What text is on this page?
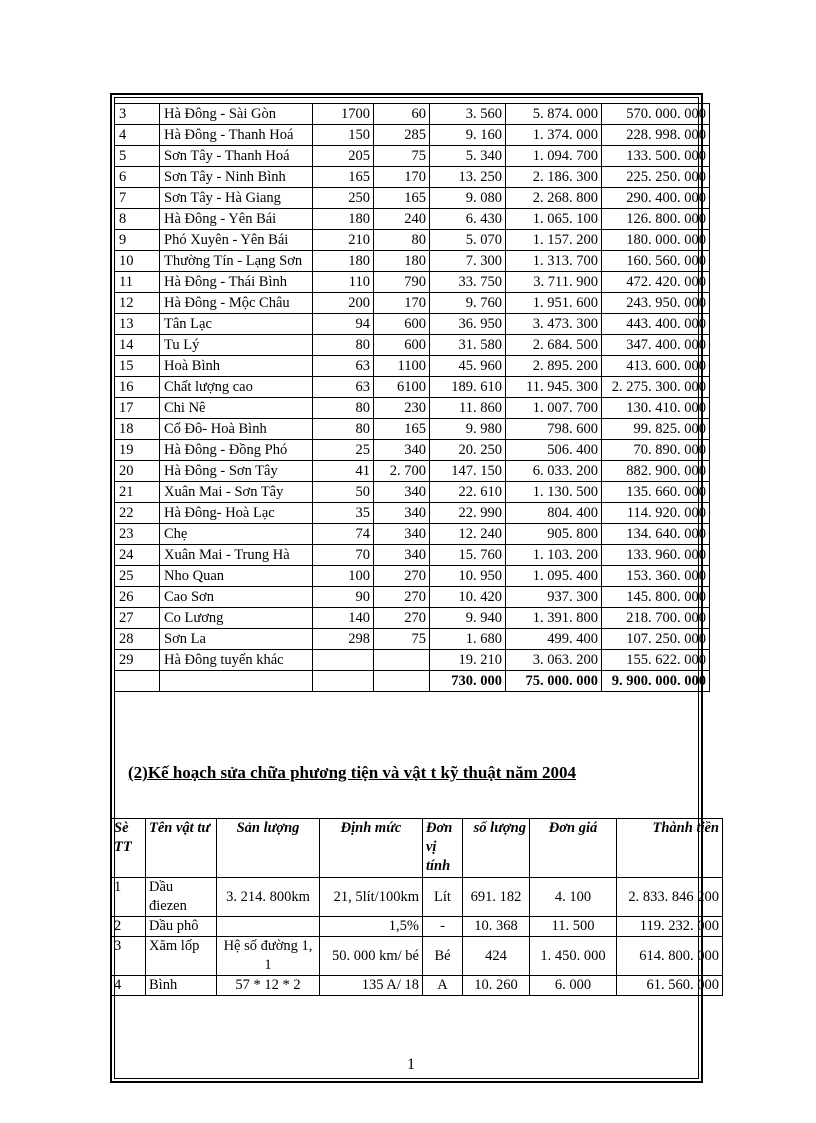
3	Hà Đông - Sài Gòn	1700	60	3. 560	5. 874. 000	570. 000. 000
4	Hà Đông - Thanh Hoá	150	285	9. 160	1. 374. 000	228. 998. 000
5	Sơn Tây - Thanh Hoá	205	75	5. 340	1. 094. 700	133. 500. 000
6	Sơn Tây - Ninh Bình	165	170	13. 250	2. 186. 300	225. 250. 000
7	Sơn Tây - Hà Giang	250	165	9. 080	2. 268. 800	290. 400. 000
8	Hà Đông - Yên Bái	180	240	6. 430	1. 065. 100	126. 800. 000
9	Phó Xuyên - Yên Bái	210	80	5. 070	1. 157. 200	180. 000. 000
10	Thường Tín - Lạng Sơn	180	180	7. 300	1. 313. 700	160. 560. 000
11	Hà Đông - Thái Bình	110	790	33. 750	3. 711. 900	472. 420. 000
12	Hà Đông - Mộc Châu	200	170	9. 760	1. 951. 600	243. 950. 000
13	Tân Lạc	94	600	36. 950	3. 473. 300	443. 400. 000
14	Tu Lý	80	600	31. 580	2. 684. 500	347. 400. 000
15	Hoà Bình	63	1100	45. 960	2. 895. 200	413. 600. 000
16	Chất lượng cao	63	6100	189. 610	11. 945. 300	2. 275. 300. 000
17	Chi Nê	80	230	11. 860	1. 007. 700	130. 410. 000
18	Cổ Đô- Hoà Bình	80	165	9. 980	798. 600	99. 825. 000
19	Hà Đông - Đồng Phó	25	340	20. 250	506. 400	70. 890. 000
20	Hà Đông - Sơn Tây	41	2. 700	147. 150	6. 033. 200	882. 900. 000
21	Xuân Mai - Sơn Tây	50	340	22. 610	1. 130. 500	135. 660. 000
22	Hà Đông- Hoà Lạc	35	340	22. 990	804. 400	114. 920. 000
23	Chẹ	74	340	12. 240	905. 800	134. 640. 000
24	Xuân Mai - Trung Hà	70	340	15. 760	1. 103. 200	133. 960. 000
25	Nho Quan	100	270	10. 950	1. 095. 400	153. 360. 000
26	Cao Sơn	90	270	10. 420	937. 300	145. 800. 000
27	Co Lương	140	270	9. 940	1. 391. 800	218. 700. 000
28	Sơn La	298	75	1. 680	499. 400	107. 250. 000
29	Hà Đông tuyến khác			19. 210	3. 063. 200	155. 622. 000
				730. 000	75. 000. 000	9. 900. 000. 000
(2)Kế hoạch sửa chữa phương tiện và vật t kỹ thuật năm 2004
Sè TT	Tên vật tư	Sản lượng	Định mức	Đơn vị tính	số lượng	Đơn giá	Thành tiền
1	Dầu điezen	3. 214. 800km	21, 5lít/100km	Lít	691. 182	4. 100	2. 833. 846 200
2	Dầu phô		1,5%	-	10. 368	11. 500	119. 232. 000
3	Xăm lốp	Hệ số đường 1, 1	50. 000 km/ bé	Bé	424	1. 450. 000	614. 800. 000
4	Bình	57 * 12 * 2	135 A/ 18	A	10. 260	6. 000	61. 560. 000
1
